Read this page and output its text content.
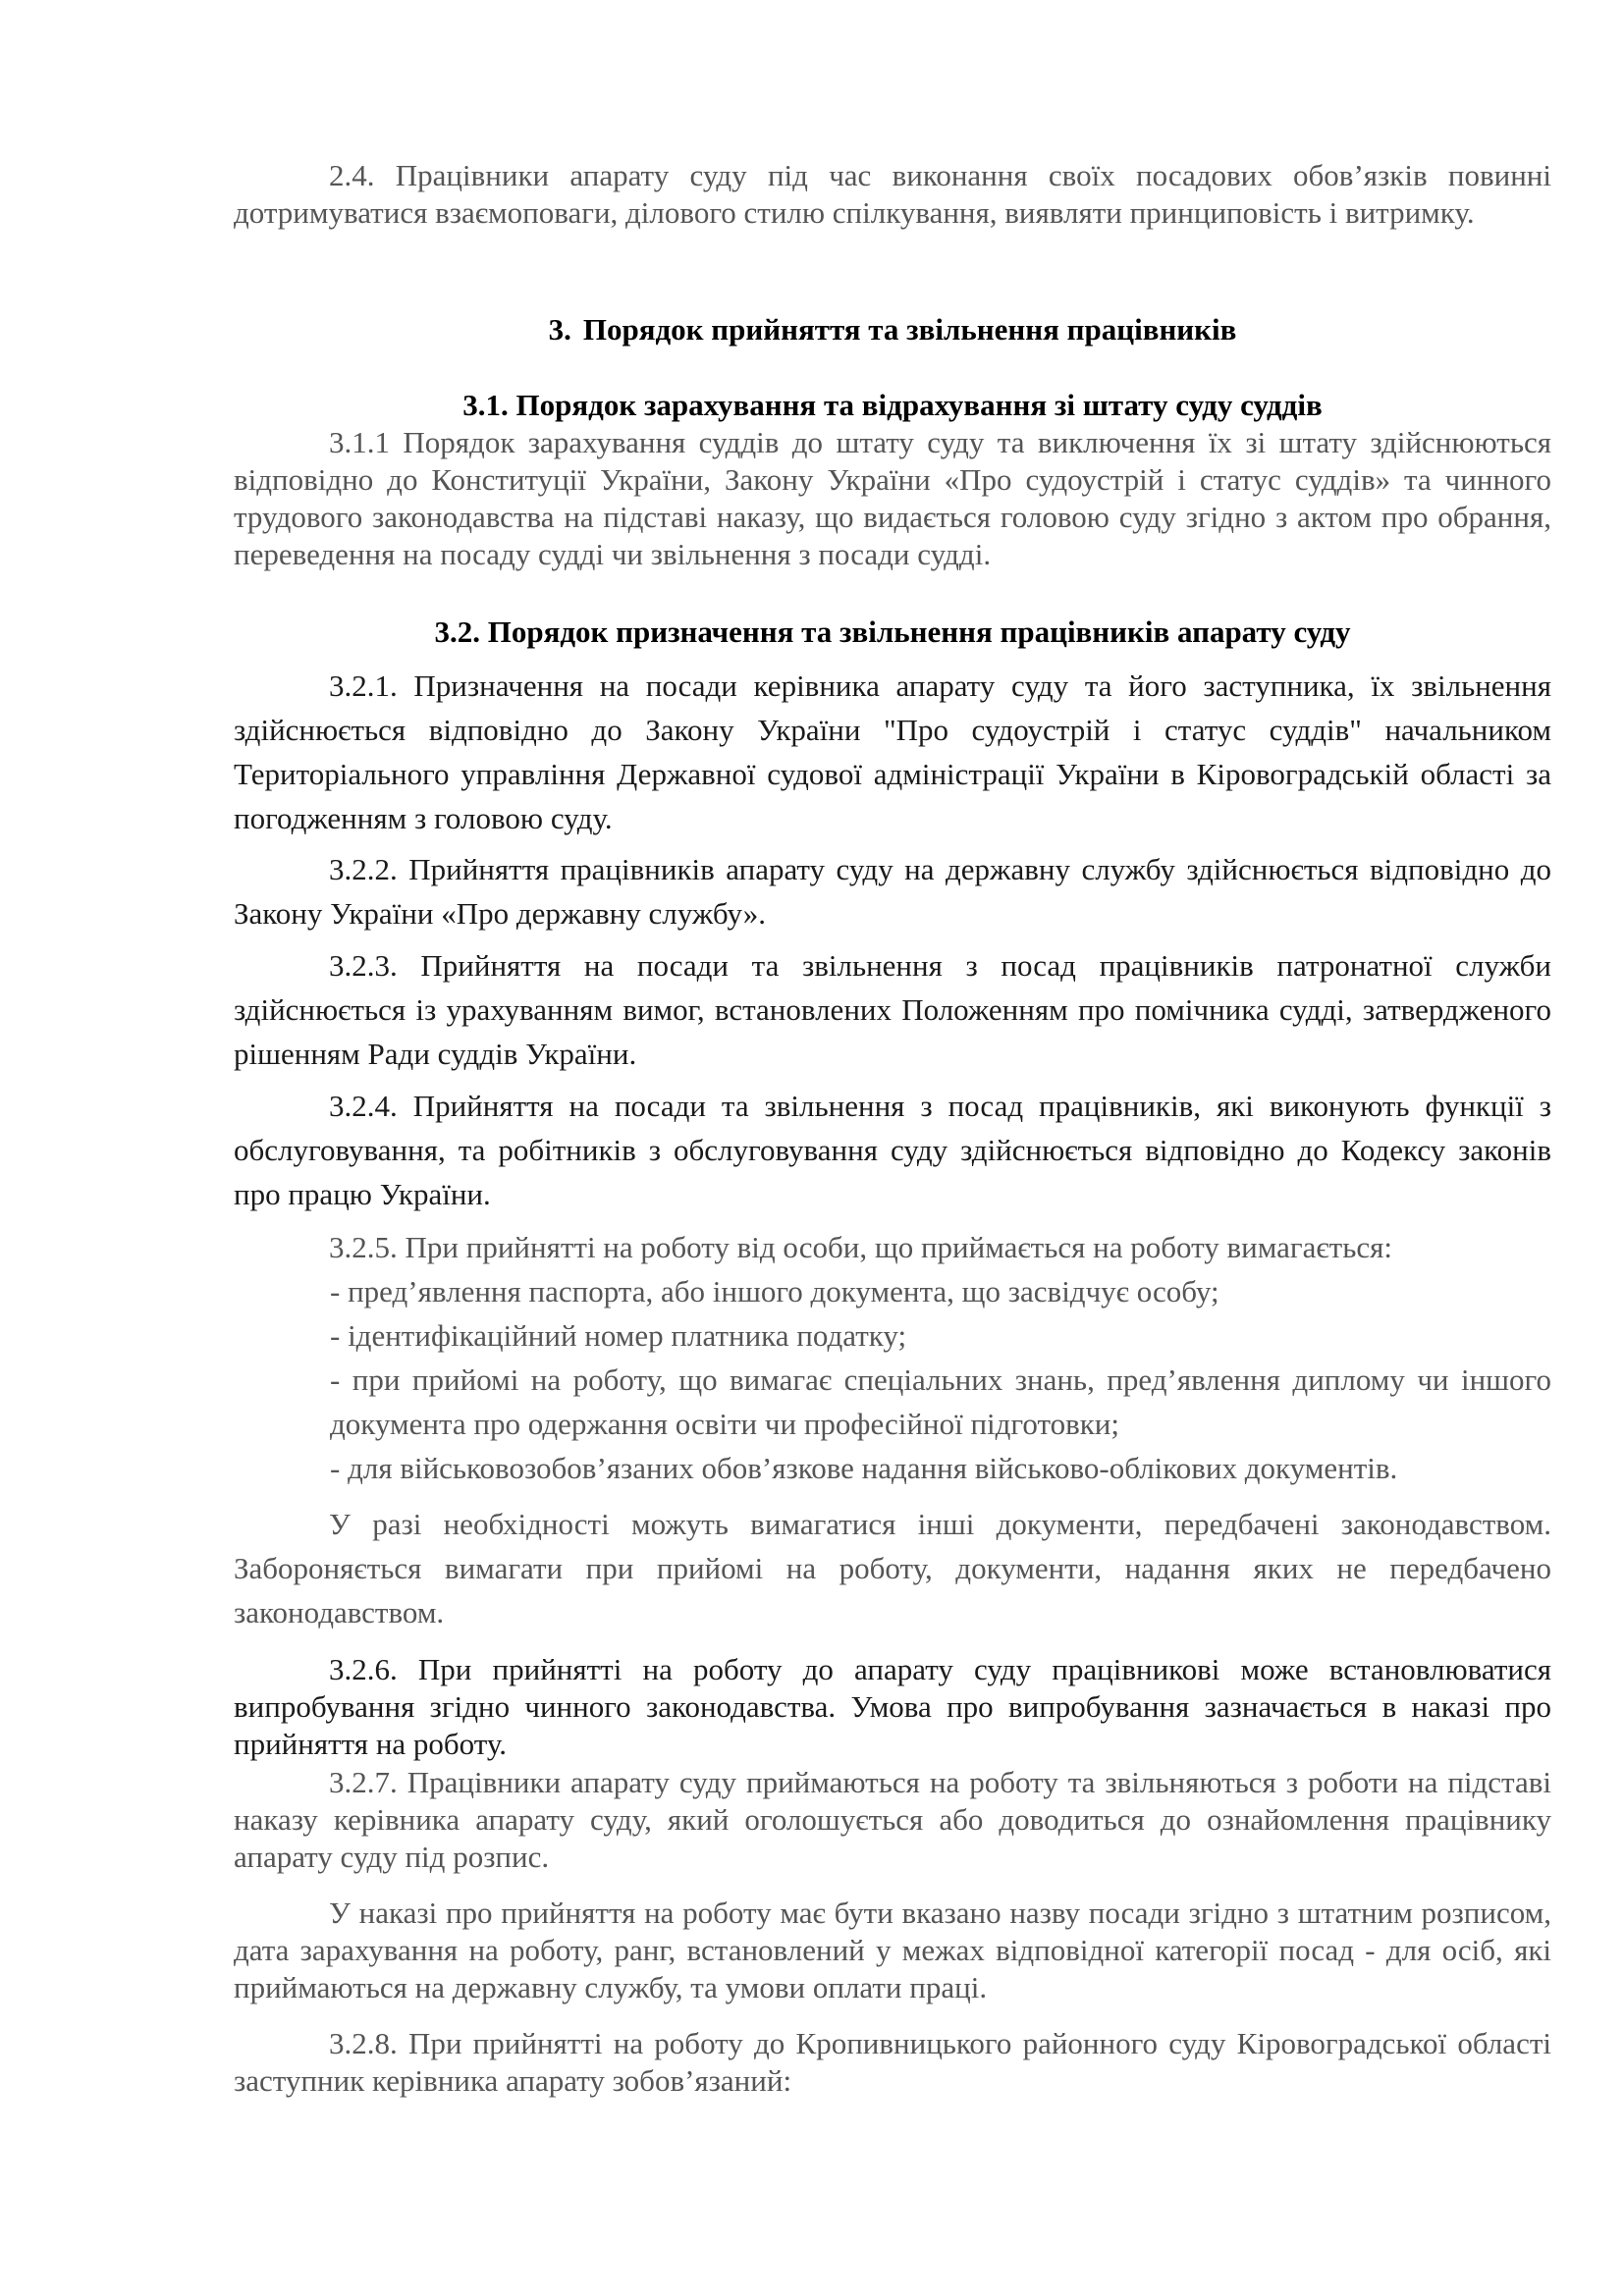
2.4. Працівники апарату суду під час виконання своїх посадових обов’язків повинні дотримуватися взаємоповаги, ділового стилю спілкування, виявляти принциповість і витримку.

3. Порядок прийняття та звільнення працівників

3.1. Порядок зарахування та відрахування зі штату суду суддів

3.1.1 Порядок зарахування суддів до штату суду та виключення їх зі штату здійснюються відповідно до Конституції України, Закону України «Про судоустрій і статус суддів» та чинного трудового законодавства на підставі наказу, що видається головою суду згідно з актом про обрання, переведення на посаду судді чи звільнення з посади судді.

3.2. Порядок призначення та звільнення працівників апарату суду

3.2.1. Призначення на посади керівника апарату суду та його заступника, їх звільнення здійснюється відповідно до Закону України "Про судоустрій і статус суддів" начальником Територіального управління Державної судової адміністрації України в Кіровоградській області за погодженням з головою суду.

3.2.2. Прийняття працівників апарату суду на державну службу здійснюється відповідно до Закону України «Про державну службу».

3.2.3. Прийняття на посади та звільнення з посад працівників патронатної служби здійснюється із урахуванням вимог, встановлених Положенням про помічника судді, затвердженого рішенням Ради суддів України.

3.2.4. Прийняття на посади та звільнення з посад працівників, які виконують функції з обслуговування, та робітників з обслуговування суду здійснюється відповідно до Кодексу законів про працю України.

3.2.5. При прийнятті на роботу від особи, що приймається на роботу вимагається:

- пред’явлення паспорта, або іншого документа, що засвідчує особу;

- ідентифікаційний номер платника податку;

- при прийомі на роботу, що вимагає спеціальних знань, пред’явлення диплому чи іншого документа про одержання освіти чи професійної підготовки;

- для військовозобов’язаних обов’язкове надання військово-облікових документів.

У разі необхідності можуть вимагатися інші документи, передбачені законодавством. Забороняється вимагати при прийомі на роботу, документи, надання яких не передбачено законодавством.

3.2.6. При прийнятті на роботу до апарату суду працівникові може встановлюватися випробування згідно чинного законодавства. Умова про випробування зазначається в наказі про прийняття на роботу.

3.2.7. Працівники апарату суду приймаються на роботу та звільняються з роботи на підставі наказу керівника апарату суду, який оголошується або доводиться до ознайомлення працівнику апарату суду під розпис.

У наказі про прийняття на роботу має бути вказано назву посади згідно з штатним розписом, дата зарахування на роботу, ранг, встановлений у межах відповідної категорії посад - для осіб, які приймаються на державну службу, та умови оплати праці.

3.2.8. При прийнятті на роботу до Кропивницького районного суду Кіровоградської області заступник керівника апарату зобов’язаний:
